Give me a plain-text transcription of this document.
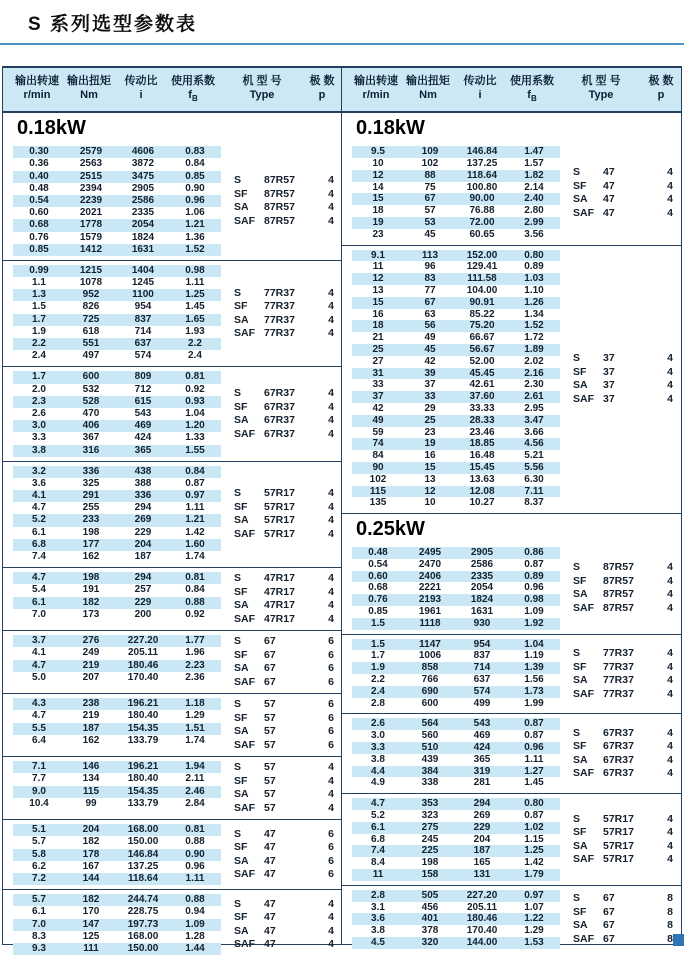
S 系列选型参数表
输出转速
r/min
输出扭矩
Nm
传动比
i
使用系数
$f_B$
机 型 号
Type
极 数
p
0.18kW
0.30	2579	4606	0.83
0.36	2563	3872	0.84
0.40	2515	3475	0.85
0.48	2394	2905	0.90
0.54	2239	2586	0.96
0.60	2021	2335	1.06
0.68	1778	2054	1.21
0.76	1579	1824	1.36
0.85	1412	1631	1.52
S	87R57	4
SF	87R57	4
SA	87R57	4
SAF 87R57	4
0.99	1215	1404	0.98
1.1	1078	1245	1.11
1.3	952	1100	1.25
1.5	826	954	1.45
1.7	725	837	1.65
1.9	618	714	1.93
2.2	551	637	2.2
2.4	497	574	2.4
S	77R37	4
SF	77R37	4
SA	77R37	4
SAF 77R37	4
1.7	600	809	0.81
2.0	532	712	0.92
2.3	528	615	0.93
2.6	470	543	1.04
3.0	406	469	1.20
3.3	367	424	1.33
3.8	316	365	1.55
S	67R37	4
SF	67R37	4
SA	67R37	4
SAF 67R37	4
3.2	336	438	0.84
3.6	325	388	0.87
4.1	291	336	0.97
4.7	255	294	1.11
5.2	233	269	1.21
6.1	198	229	1.42
6.8	177	204	1.60
7.4	162	187	1.74
S	57R17	4
SF	57R17	4
SA	57R17	4
SAF 57R17	4
4.7	198	294	0.81
5.4	191	257	0.84
6.1	182	229	0.88
7.0	173	200	0.92
S	47R17	4
SF	47R17	4
SA	47R17	4
SAF 47R17	4
3.7	276	227.20	1.77
4.1	249	205.11	1.96
4.7	219	180.46	2.23
5.0	207	170.40	2.36
S	67	6
SF	67	6
SA	67	6
SAF 67	6
4.3	238	196.21	1.18
4.7	219	180.40	1.29
5.5	187	154.35	1.51
6.4	162	133.79	1.74
S	57	6
SF	57	6
SA	57	6
SAF 57	6
7.1	146	196.21	1.94
7.7	134	180.40	2.11
9.0	115	154.35	2.46
10.4	99	133.79	2.84
S	57	4
SF	57	4
SA	57	4
SAF 57	4
5.1	204	168.00	0.81
5.7	182	150.00	0.88
5.8	178	146.84	0.90
6.2	167	137.25	0.96
7.2	144	118.64	1.11
S	47	6
SF	47	6
SA	47	6
SAF 47	6
5.7	182	244.74	0.88
6.1	170	228.75	0.94
7.0	147	197.73	1.09
8.3	125	168.00	1.28
9.3	111	150.00	1.44
S	47	4
SF	47	4
SA	47	4
SAF 47	4
输出转速
r/min
输出扭矩
Nm
传动比
i
使用系数
$f_B$
机 型 号
Type
极 数
p
0.18kW
9.5	109	146.84	1.47
10	102	137.25	1.57
12	88	118.64	1.82
14	75	100.80	2.14
15	67	90.00	2.40
18	57	76.88	2.80
19	53	72.00	2.99
23	45	60.65	3.56
S	47	4
SF	47	4
SA	47	4
SAF 47	4
9.1	113	152.00	0.80
11	96	129.41	0.89
12	83	111.58	1.03
13	77	104.00	1.10
15	67	90.91	1.26
16	63	85.22	1.34
18	56	75.20	1.52
21	49	66.67	1.72
25	45	56.67	1.89
27	42	52.00	2.02
31	39	45.45	2.16
33	37	42.61	2.30
37	33	37.60	2.61
42	29	33.33	2.95
49	25	28.33	3.47
59	23	23.46	3.66
74	19	18.85	4.56
84	16	16.48	5.21
90	15	15.45	5.56
102	13	13.63	6.30
115	12	12.08	7.11
135	10	10.27	8.37
S	37	4
SF	37	4
SA	37	4
SAF 37	4
0.25kW
0.48	2495	2905	0.86
0.54	2470	2586	0.87
0.60	2406	2335	0.89
0.68	2221	2054	0.96
0.76	2193	1824	0.98
0.85	1961	1631	1.09
1.5	1118	930	1.92
S	87R57	4
SF	87R57	4
SA	87R57	4
SAF 87R57	4
1.5	1147	954	1.04
1.7	1006	837	1.19
1.9	858	714	1.39
2.2	766	637	1.56
2.4	690	574	1.73
2.8	600	499	1.99
S	77R37	4
SF	77R37	4
SA	77R37	4
SAF 77R37	4
2.6	564	543	0.87
3.0	560	469	0.87
3.3	510	424	0.96
3.8	439	365	1.11
4.4	384	319	1.27
4.9	338	281	1.45
S	67R37	4
SF	67R37	4
SA	67R37	4
SAF 67R37	4
4.7	353	294	0.80
5.2	323	269	0.87
6.1	275	229	1.02
6.8	245	204	1.15
7.4	225	187	1.25
8.4	198	165	1.42
11	158	131	1.79
S	57R17	4
SF	57R17	4
SA	57R17	4
SAF 57R17	4
2.8	505	227.20	0.97
3.1	456	205.11	1.07
3.6	401	180.46	1.22
3.8	378	170.40	1.29
4.5	320	144.00	1.53
S	67	8
SF	67	8
SA	67	8
SAF 67	8
